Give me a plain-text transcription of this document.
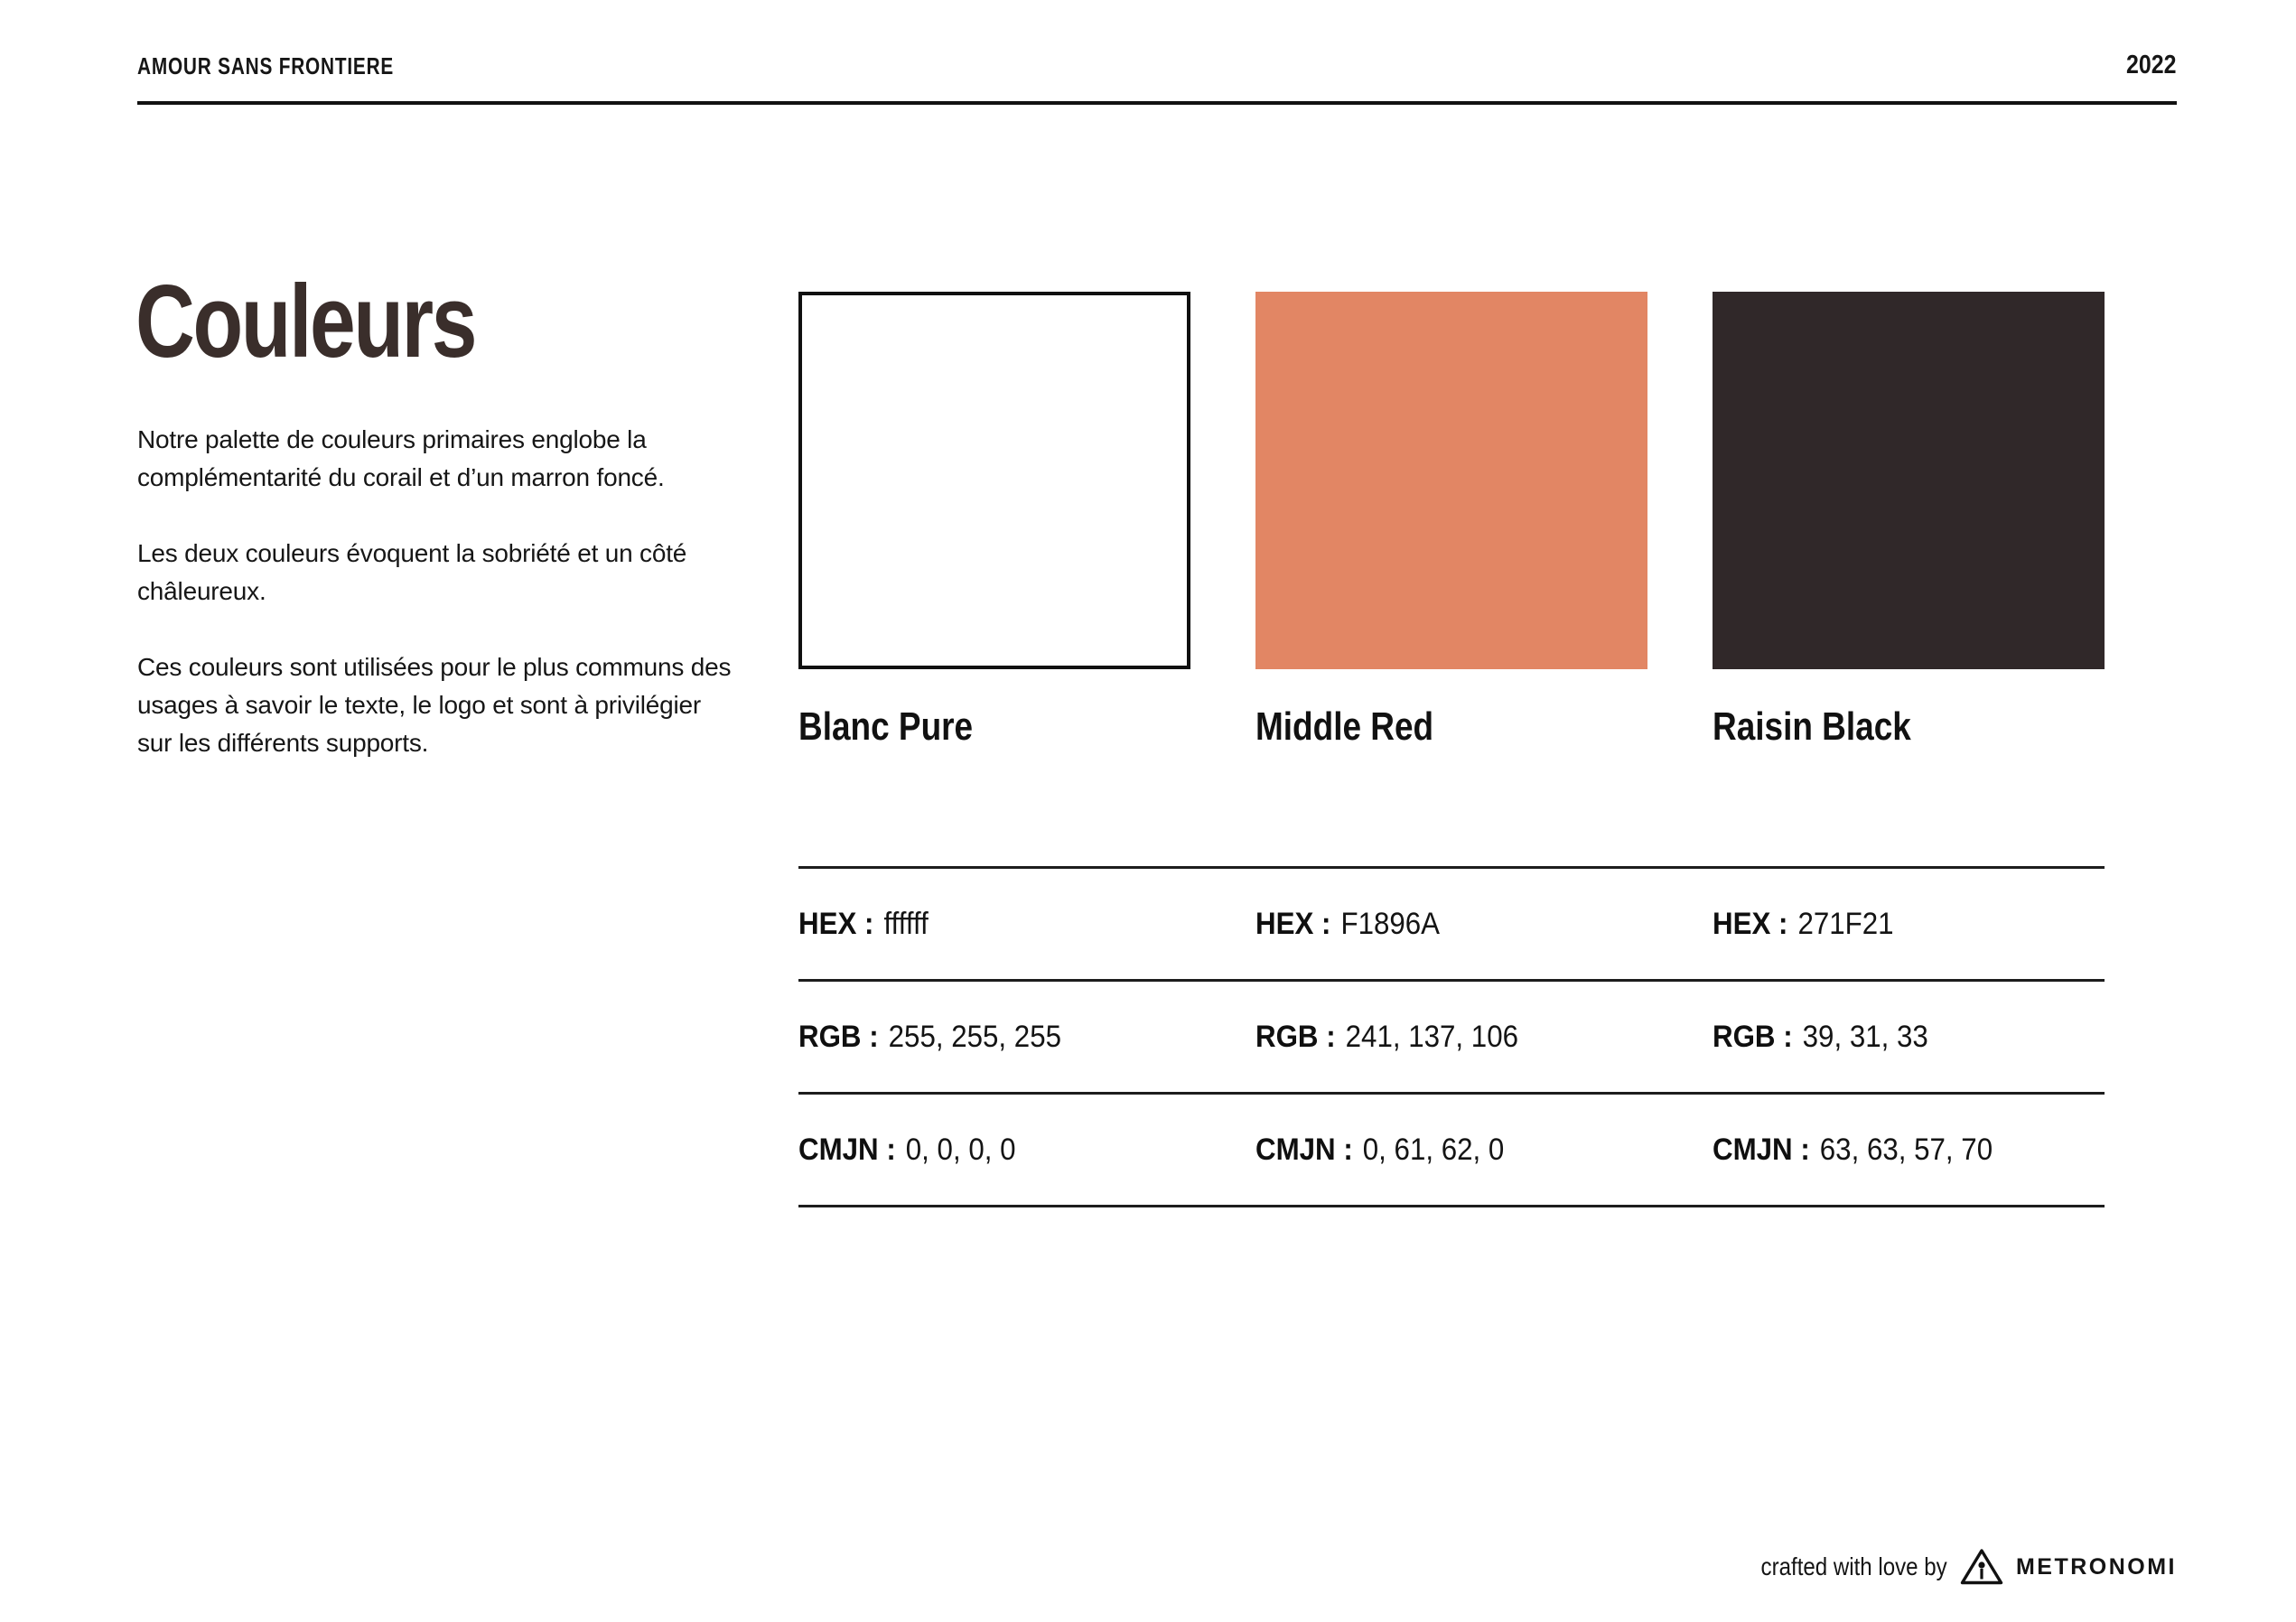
AMOUR SANS FRONTIERE	2022
Couleurs

Notre palette de couleurs primaires englobe la complémentarité du corail et d’un marron foncé.

Les deux couleurs évoquent la sobriété et un côté châleureux.

Ces couleurs sont utilisées pour le plus communs des usages à savoir le texte, le logo et sont à privilégier sur les différents supports.	Blanc Pure	Middle Red	Raisin Black
HEX : ffffff	HEX : F1896A	HEX : 271F21
RGB : 255, 255, 255	RGB : 241, 137, 106	RGB : 39, 31, 33
CMJN : 0, 0, 0, 0	CMJN : 0, 61, 62, 0	CMJN : 63, 63, 57, 70
crafted with love by	METRONOMI
